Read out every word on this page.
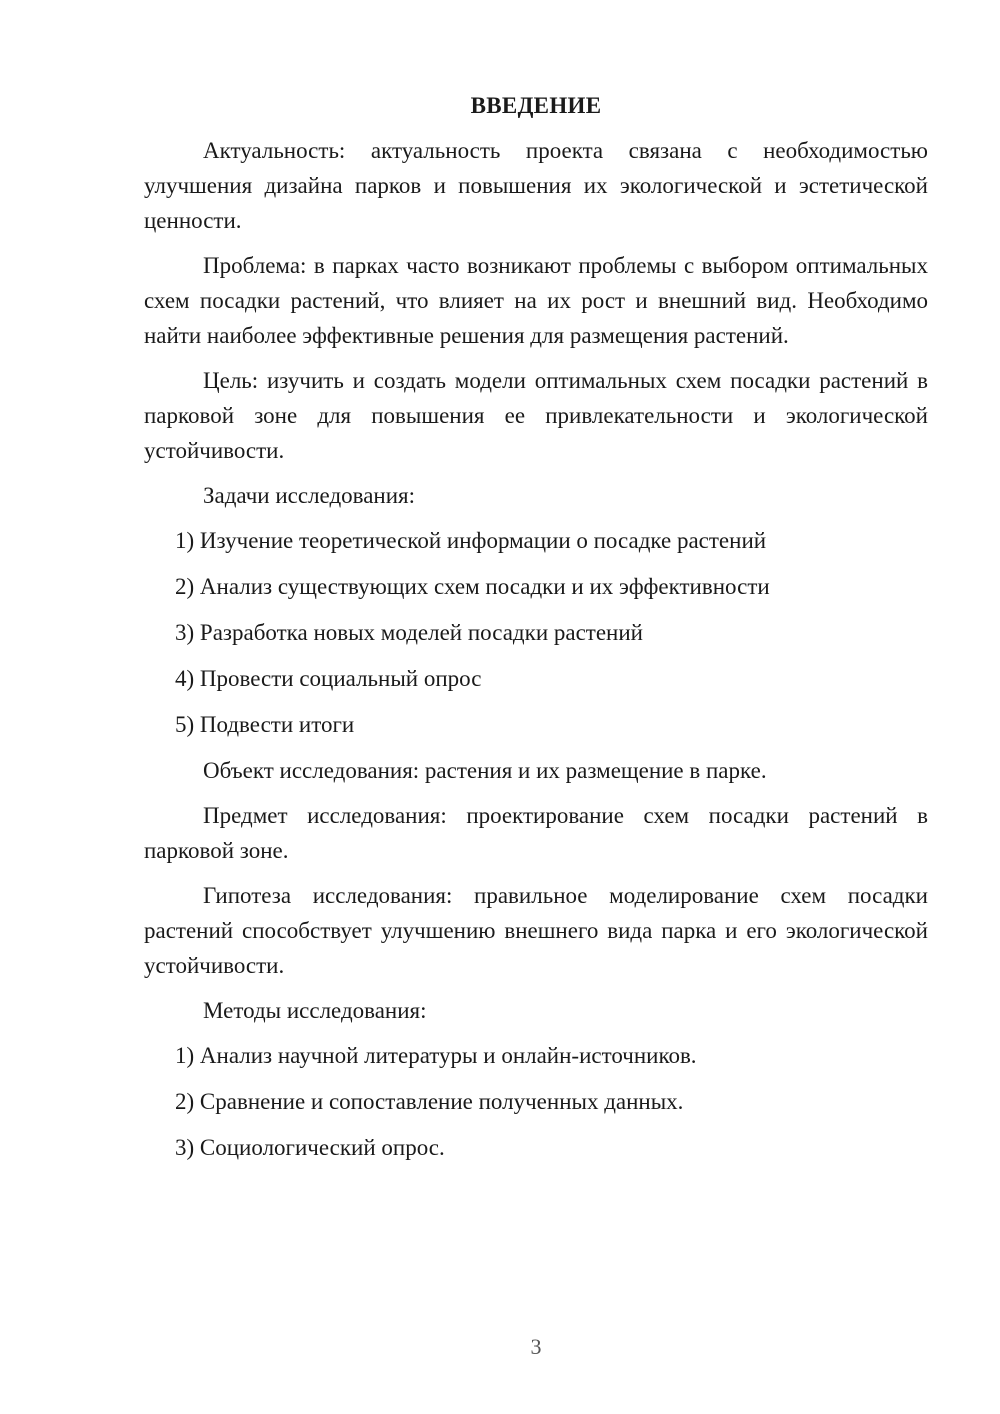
ВВЕДЕНИЕ
Актуальность: актуальность проекта связана с необходимостью улучшения дизайна парков и повышения их экологической и эстетической ценности.
Проблема: в парках часто возникают проблемы с выбором оптимальных схем посадки растений, что влияет на их рост и внешний вид. Необходимо найти наиболее эффективные решения для размещения растений.
Цель: изучить и создать модели оптимальных схем посадки растений в парковой зоне для повышения ее привлекательности и экологической устойчивости.
Задачи исследования:
1) Изучение теоретической информации о посадке растений
2) Анализ существующих схем посадки и их эффективности
3) Разработка новых моделей посадки растений
4) Провести социальный опрос
5) Подвести итоги
Объект исследования: растения и их размещение в парке.
Предмет исследования: проектирование схем посадки растений в парковой зоне.
Гипотеза исследования: правильное моделирование схем посадки растений способствует улучшению внешнего вида парка и его экологической устойчивости.
Методы исследования:
1) Анализ научной литературы и онлайн-источников.
2) Сравнение и сопоставление полученных данных.
3) Социологический опрос.
3
